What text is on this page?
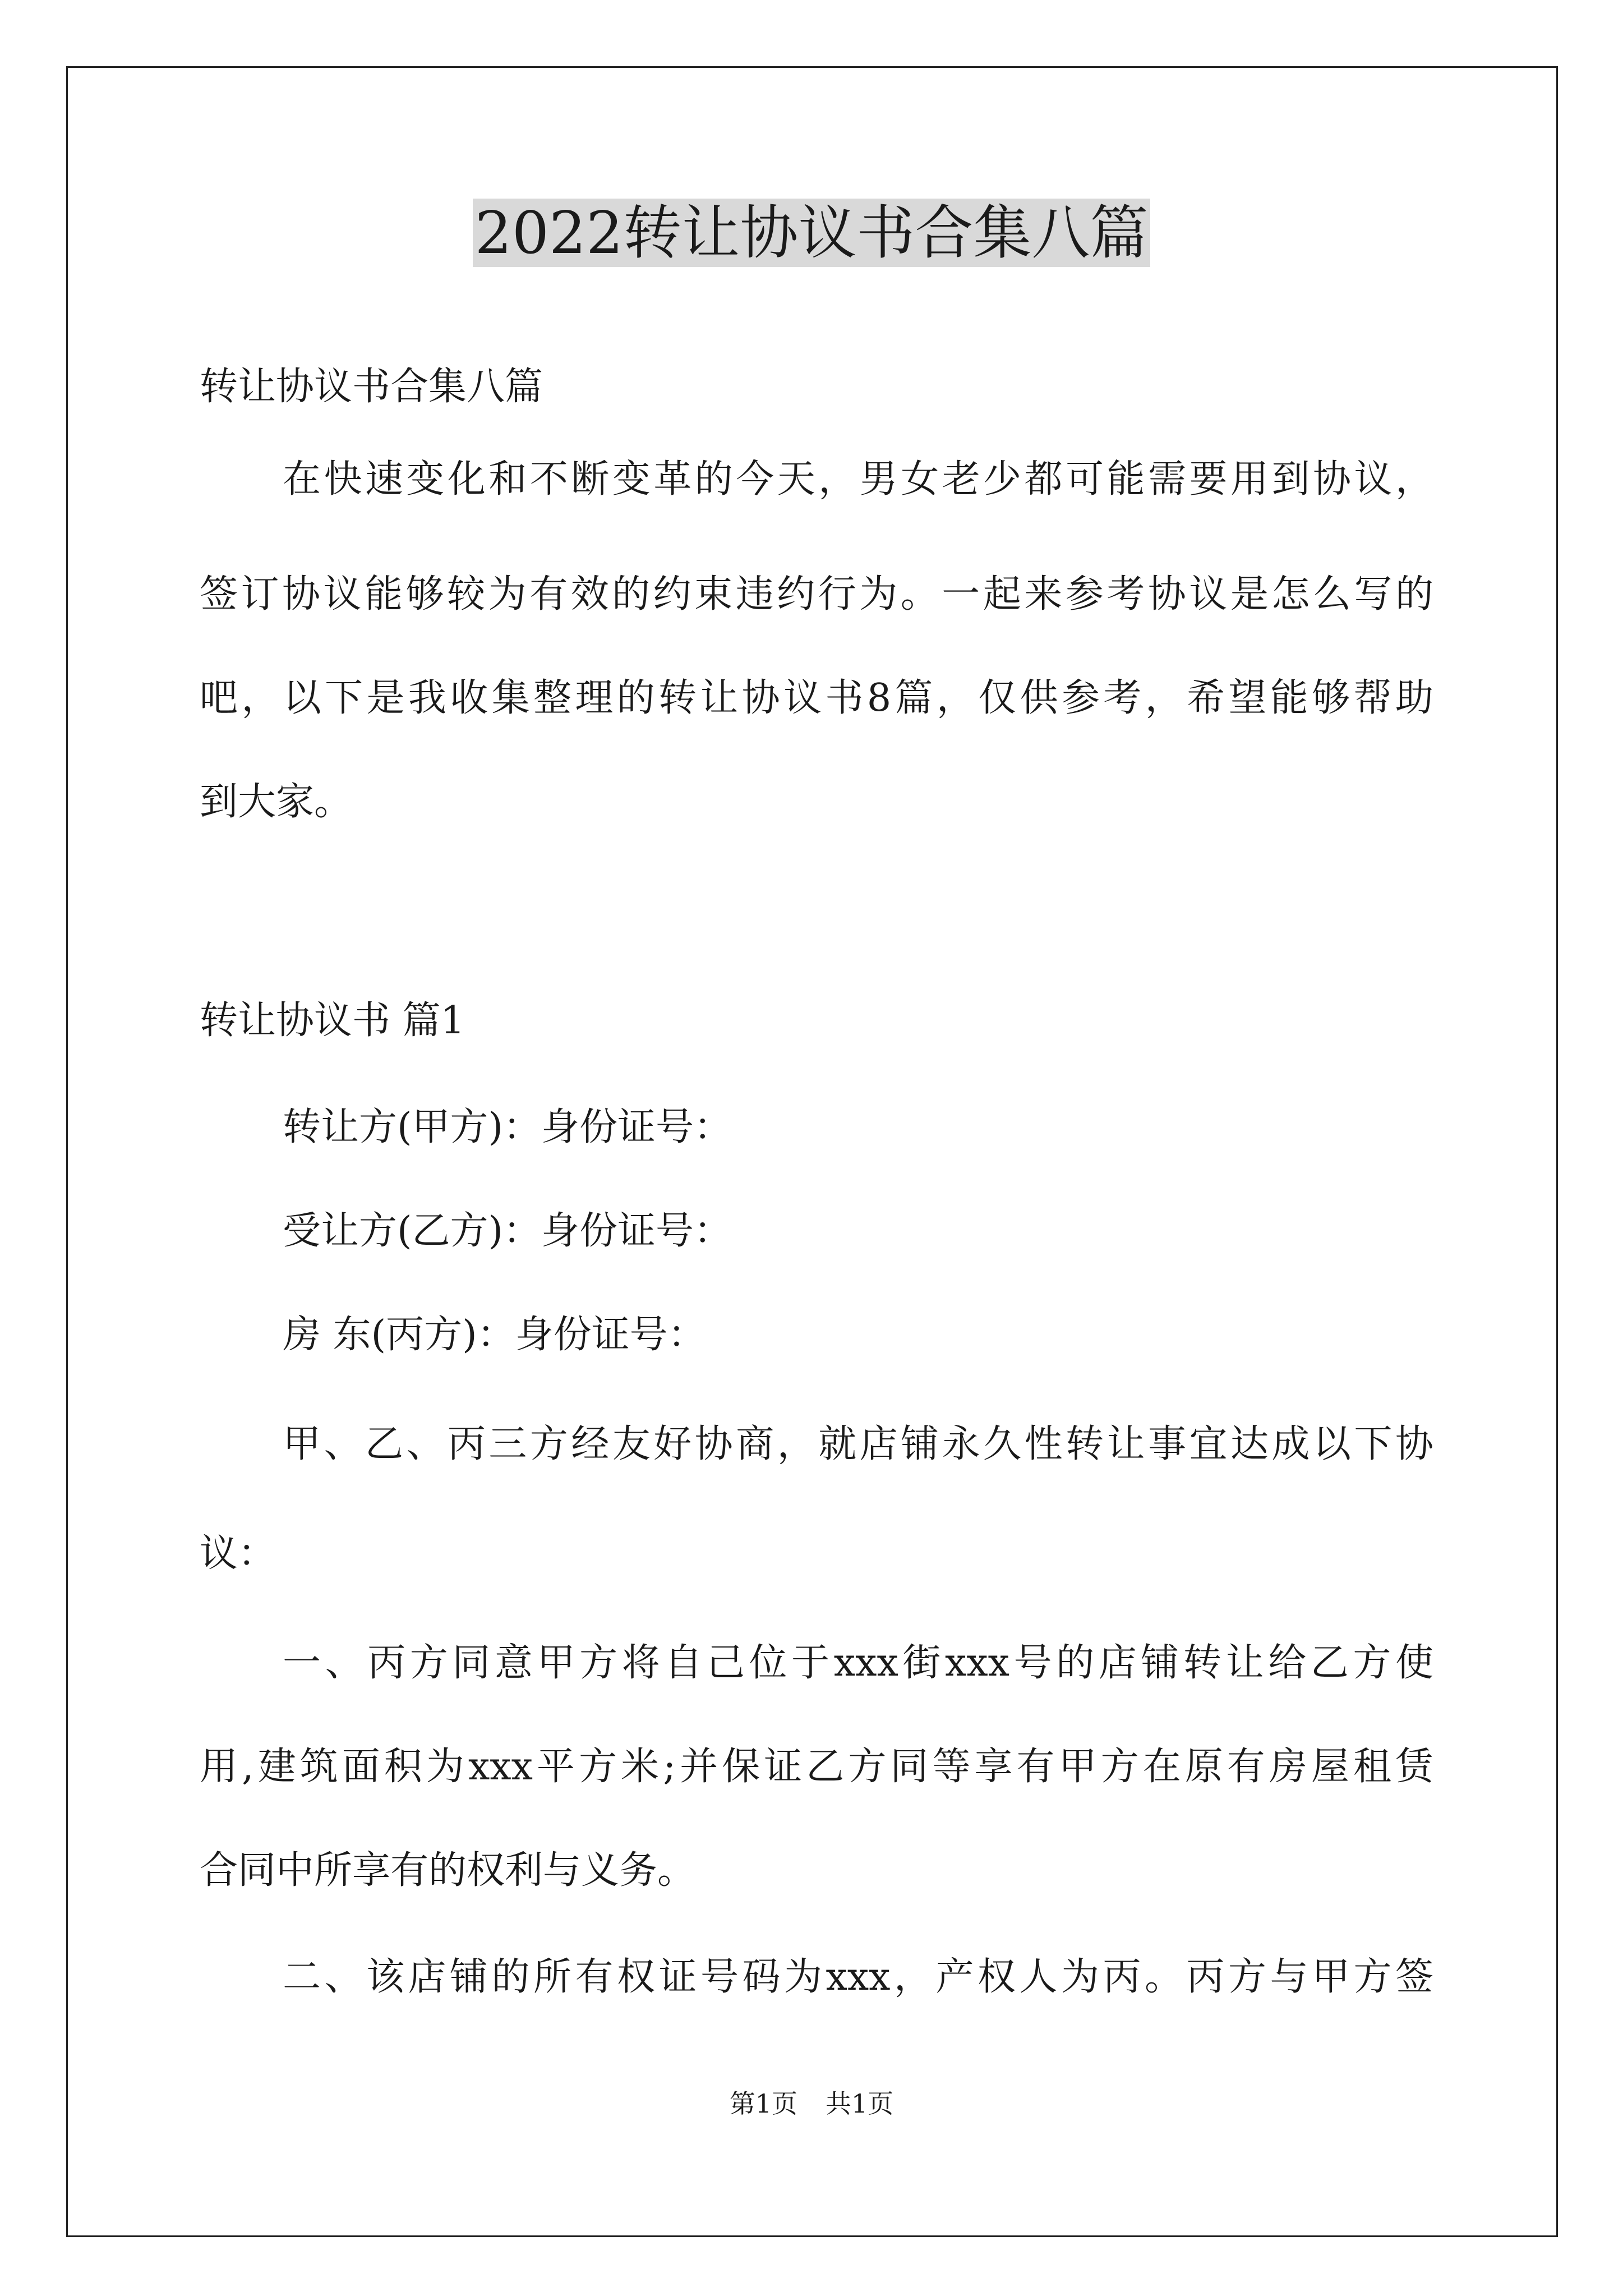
2022转让协议书合集八篇
转让协议书合集八篇
在快速变化和不断变革的今天，男女老少都可能需要用到协议，
签订协议能够较为有效的约束违约行为。一起来参考协议是怎么写的
吧，以下是我收集整理的转让协议书8篇，仅供参考，希望能够帮助
到大家。
转让协议书 篇1
转让方(甲方)：身份证号：
受让方(乙方)：身份证号：
房 东(丙方)：身份证号：
甲、乙、丙三方经友好协商，就店铺永久性转让事宜达成以下协
议：
一、丙方同意甲方将自己位于xxx街xxx号的店铺转让给乙方使
用,建筑面积为xxx平方米;并保证乙方同等享有甲方在原有房屋租赁
合同中所享有的权利与义务。
二、该店铺的所有权证号码为xxx，产权人为丙。丙方与甲方签
第1页 共1页
